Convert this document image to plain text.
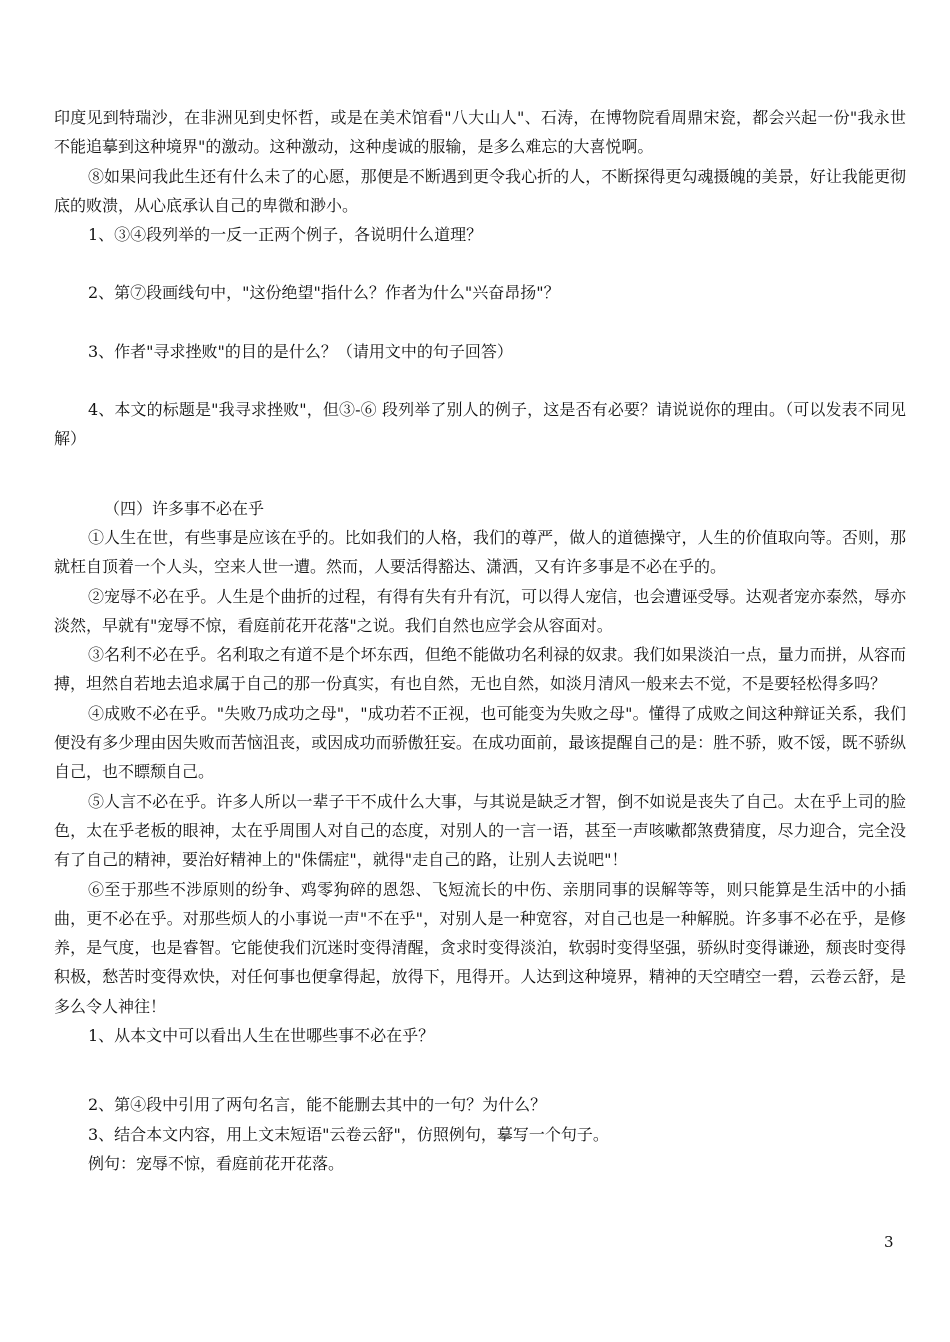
印度见到特瑞沙，在非洲见到史怀哲，或是在美术馆看"八大山人"、石涛，在博物院看周鼎宋瓷，都会兴起一份"我永世不能追摹到这种境界"的激动。这种激动，这种虔诚的服输，是多么难忘的大喜悦啊。

⑧如果问我此生还有什么未了的心愿，那便是不断遇到更令我心折的人，不断探得更勾魂摄魄的美景，好让我能更彻底的败溃，从心底承认自己的卑微和渺小。

1、③④段列举的一反一正两个例子，各说明什么道理？

2、第⑦段画线句中，"这份绝望"指什么？作者为什么"兴奋昂扬"？

3、作者"寻求挫败"的目的是什么？（请用文中的句子回答）

4、本文的标题是"我寻求挫败"，但③-⑥ 段列举了别人的例子，这是否有必要？请说说你的理由。（可以发表不同见解）

（四）许多事不必在乎

①人生在世，有些事是应该在乎的。比如我们的人格，我们的尊严，做人的道德操守，人生的价值取向等。否则，那就枉自顶着一个人头，空来人世一遭。然而，人要活得豁达、潇洒，又有许多事是不必在乎的。

②宠辱不必在乎。人生是个曲折的过程，有得有失有升有沉，可以得人宠信，也会遭诬受辱。达观者宠亦泰然，辱亦淡然，早就有"宠辱不惊，看庭前花开花落"之说。我们自然也应学会从容面对。

③名利不必在乎。名利取之有道不是个坏东西，但绝不能做功名利禄的奴隶。我们如果淡泊一点，量力而拼，从容而搏，坦然自若地去追求属于自己的那一份真实，有也自然，无也自然，如淡月清风一般来去不觉，不是要轻松得多吗？

④成败不必在乎。"失败乃成功之母"，"成功若不正视，也可能变为失败之母"。懂得了成败之间这种辩证关系，我们便没有多少理由因失败而苦恼沮丧，或因成功而骄傲狂妄。在成功面前，最该提醒自己的是：胜不骄，败不馁，既不骄纵自己，也不瞟颓自己。

⑤人言不必在乎。许多人所以一辈子干不成什么大事，与其说是缺乏才智，倒不如说是丧失了自己。太在乎上司的脸色，太在乎老板的眼神，太在乎周围人对自己的态度，对别人的一言一语，甚至一声咳嗽都煞费猜度，尽力迎合，完全没有了自己的精神，要治好精神上的"侏儒症"，就得"走自己的路，让别人去说吧"！

⑥至于那些不涉原则的纷争、鸡零狗碎的恩怨、飞短流长的中伤、亲朋同事的误解等等，则只能算是生活中的小插曲，更不必在乎。对那些烦人的小事说一声"不在乎"，对别人是一种宽容，对自己也是一种解脱。许多事不必在乎，是修养，是气度，也是睿智。它能使我们沉迷时变得清醒，贪求时变得淡泊，软弱时变得坚强，骄纵时变得谦逊，颓丧时变得积极，愁苦时变得欢快，对任何事也便拿得起，放得下，甩得开。人达到这种境界，精神的天空晴空一碧，云卷云舒，是多么令人神往！

1、从本文中可以看出人生在世哪些事不必在乎？

2、第④段中引用了两句名言，能不能删去其中的一句？为什么？

3、结合本文内容，用上文末短语"云卷云舒"，仿照例句，摹写一个句子。

例句：宠辱不惊，看庭前花开花落。

3
